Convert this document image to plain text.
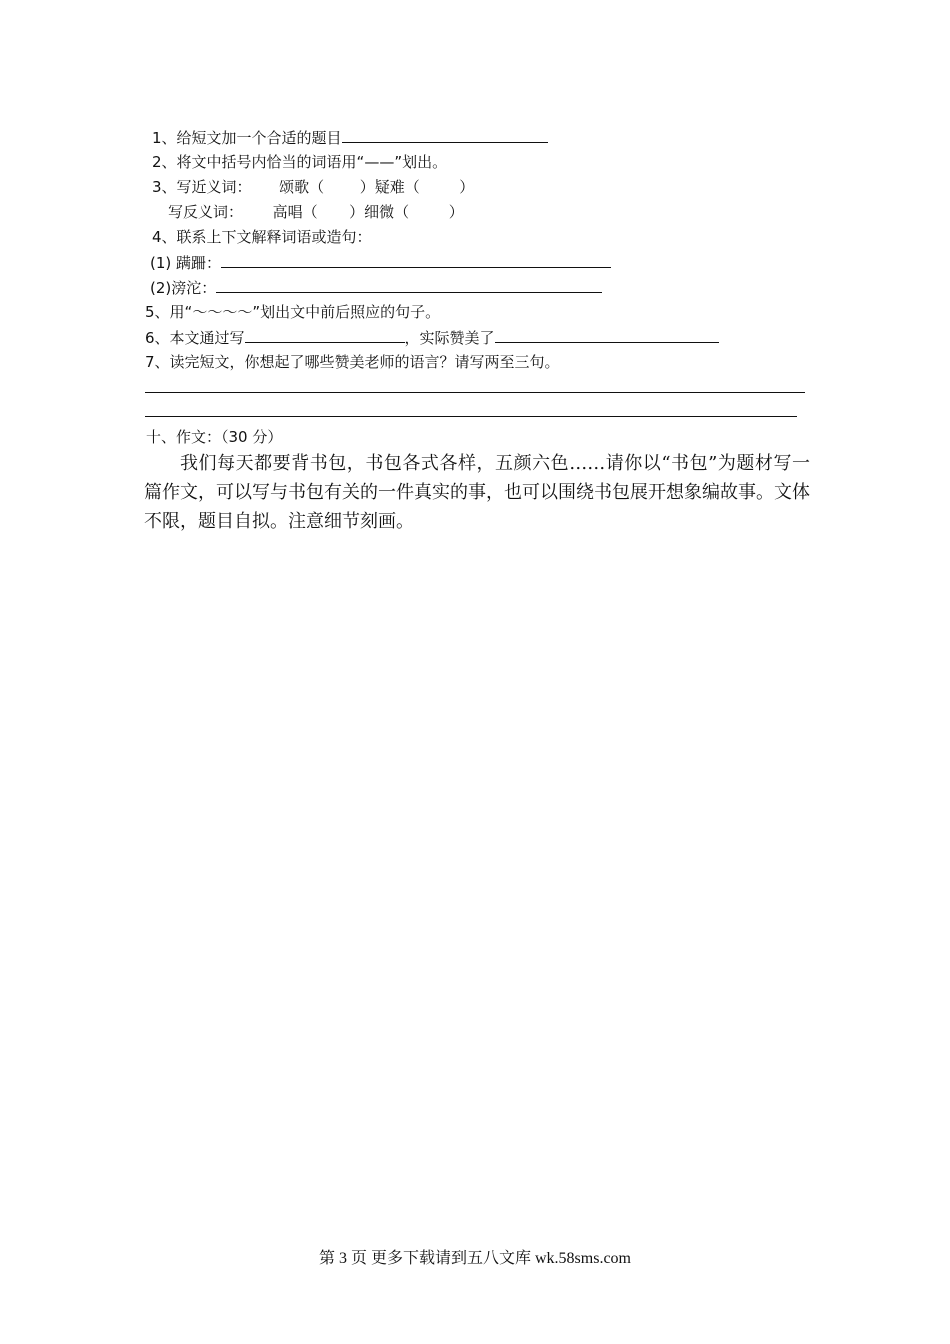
1、给短文加一个合适的题目
2、将文中括号内恰当的词语用“——”划出。
3、写近义词： 颂歌（ ）疑难（	）
写反义词： 高唱（ ）细微（	）
4、联系上下文解释词语或造句：
(1) 蹒跚：
(2)滂沱：
5、用“～～～～”划出文中前后照应的句子。
6、本文通过写	，实际赞美了
7、读完短文，你想起了哪些赞美老师的语言？请写两至三句。
十、作文：（30 分）
我们每天都要背书包，书包各式各样，五颜六色……请你以“书包”为题材写一篇作文，可以写与书包有关的一件真实的事，也可以围绕书包展开想象编故事。文体不限，题目自拟。注意细节刻画。
第 3 页 更多下载请到五八文库 wk.58sms.com
